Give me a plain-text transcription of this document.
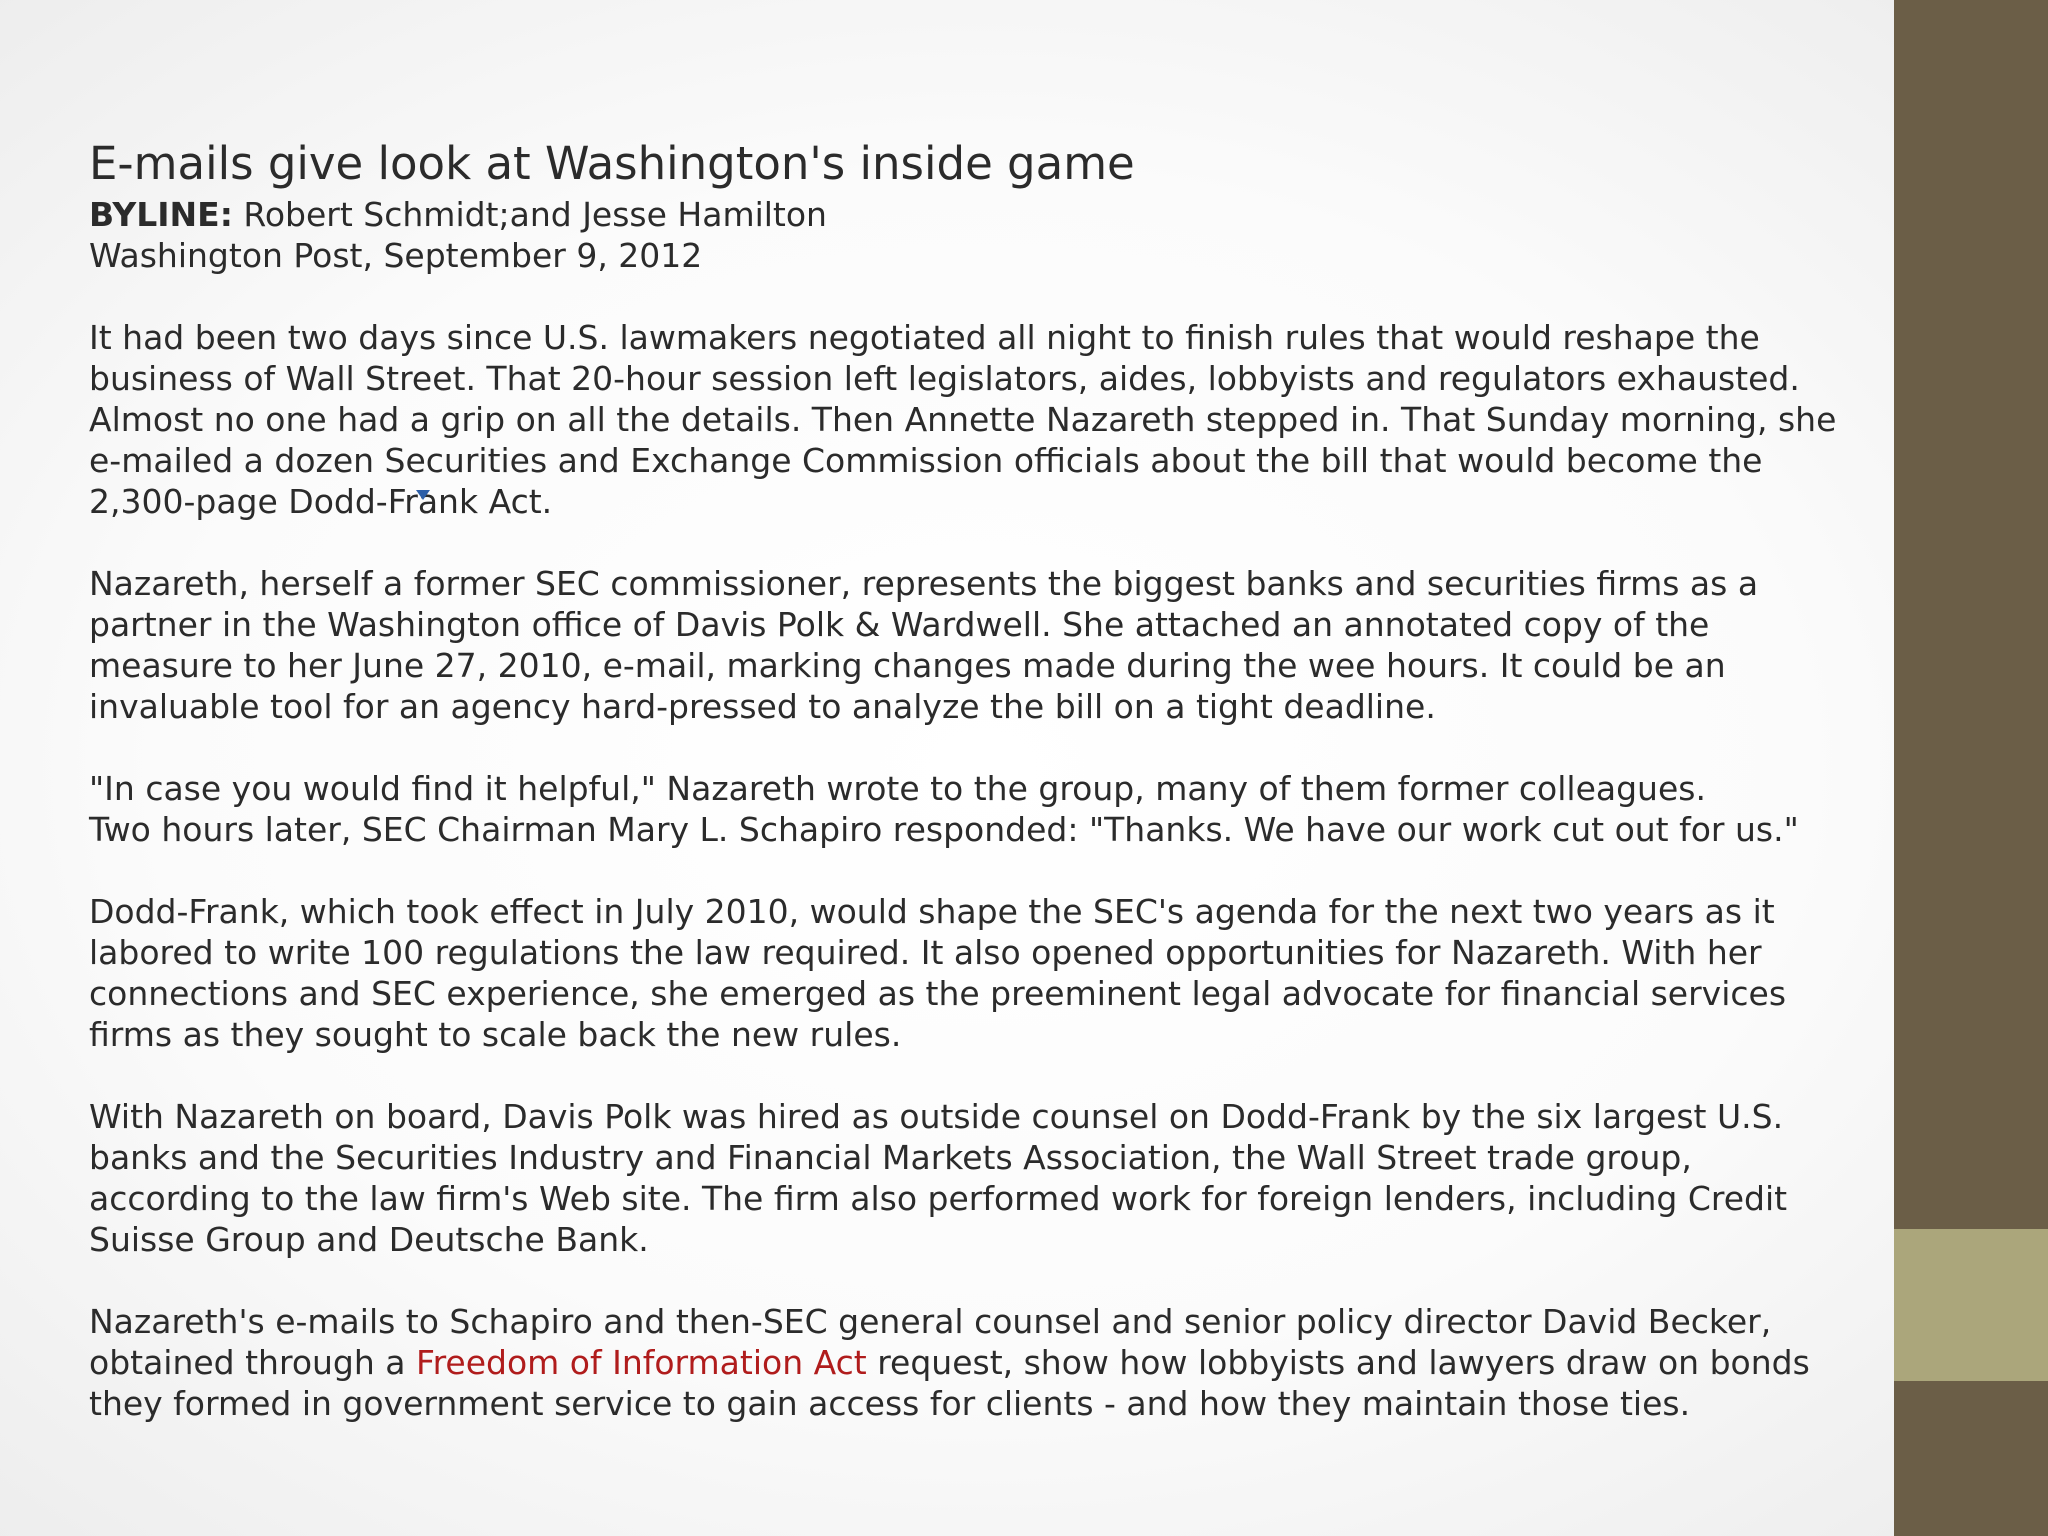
E-mails give look at Washington's inside game
BYLINE: Robert Schmidt;and Jesse Hamilton
Washington Post, September 9, 2012
It had been two days since U.S. lawmakers negotiated all night to finish rules that would reshape the
business of Wall Street. That 20-hour session left legislators, aides, lobbyists and regulators exhausted.
Almost no one had a grip on all the details. Then Annette Nazareth stepped in. That Sunday morning, she
e-mailed a dozen Securities and Exchange Commission officials about the bill that would become the
2,300-page Dodd-Frank Act.
Nazareth, herself a former SEC commissioner, represents the biggest banks and securities firms as a
partner in the Washington office of Davis Polk & Wardwell. She attached an annotated copy of the
measure to her June 27, 2010, e-mail, marking changes made during the wee hours. It could be an
invaluable tool for an agency hard-pressed to analyze the bill on a tight deadline.
"In case you would find it helpful," Nazareth wrote to the group, many of them former colleagues.
Two hours later, SEC Chairman Mary L. Schapiro responded: "Thanks. We have our work cut out for us."
Dodd-Frank, which took effect in July 2010, would shape the SEC's agenda for the next two years as it
labored to write 100 regulations the law required. It also opened opportunities for Nazareth. With her
connections and SEC experience, she emerged as the preeminent legal advocate for financial services
firms as they sought to scale back the new rules.
With Nazareth on board, Davis Polk was hired as outside counsel on Dodd-Frank by the six largest U.S.
banks and the Securities Industry and Financial Markets Association, the Wall Street trade group,
according to the law firm's Web site. The firm also performed work for foreign lenders, including Credit
Suisse Group and Deutsche Bank.
Nazareth's e-mails to Schapiro and then-SEC general counsel and senior policy director David Becker,
obtained through a Freedom of Information Act request, show how lobbyists and lawyers draw on bonds
they formed in government service to gain access for clients - and how they maintain those ties.
